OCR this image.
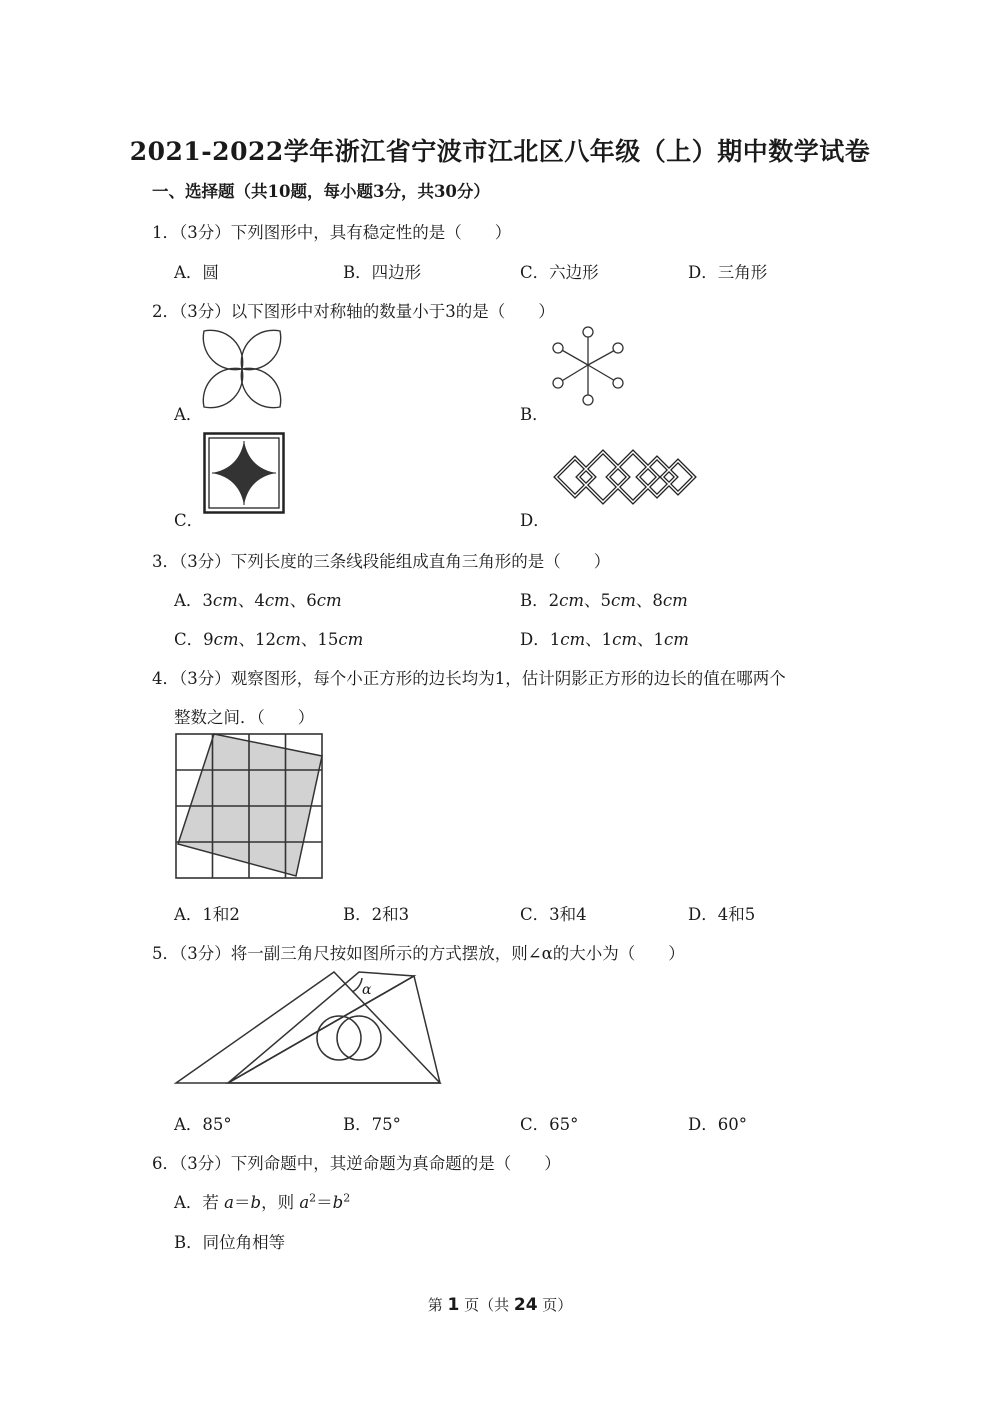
2021-2022学年浙江省宁波市江北区八年级（上）期中数学试卷
一、选择题（共10题，每小题3分，共30分）
1．（3分）下列图形中，具有稳定性的是（　　）
A．圆	B．四边形	C．六边形	D．三角形
2．（3分）以下图形中对称轴的数量小于3的是（　　）
A．	B．
C．	D．
3．（3分）下列长度的三条线段能组成直角三角形的是（　　）
A．3cm、4cm、6cm	B．2cm、5cm、8cm
C．9cm、12cm、15cm	D．1cm、1cm、1cm
4．（3分）观察图形，每个小正方形的边长均为1，估计阴影正方形的边长的值在哪两个
整数之间．（　　）
A．1和2	B．2和3	C．3和4	D．4和5
5．（3分）将一副三角尺按如图所示的方式摆放，则∠α的大小为（　　）
α
A．85°	B．75°	C．65°	D．60°
6．（3分）下列命题中，其逆命题为真命题的是（　　）
A．若 a＝b，则 $a^2=b^2$
B．同位角相等
第 1 页（共 24 页）
